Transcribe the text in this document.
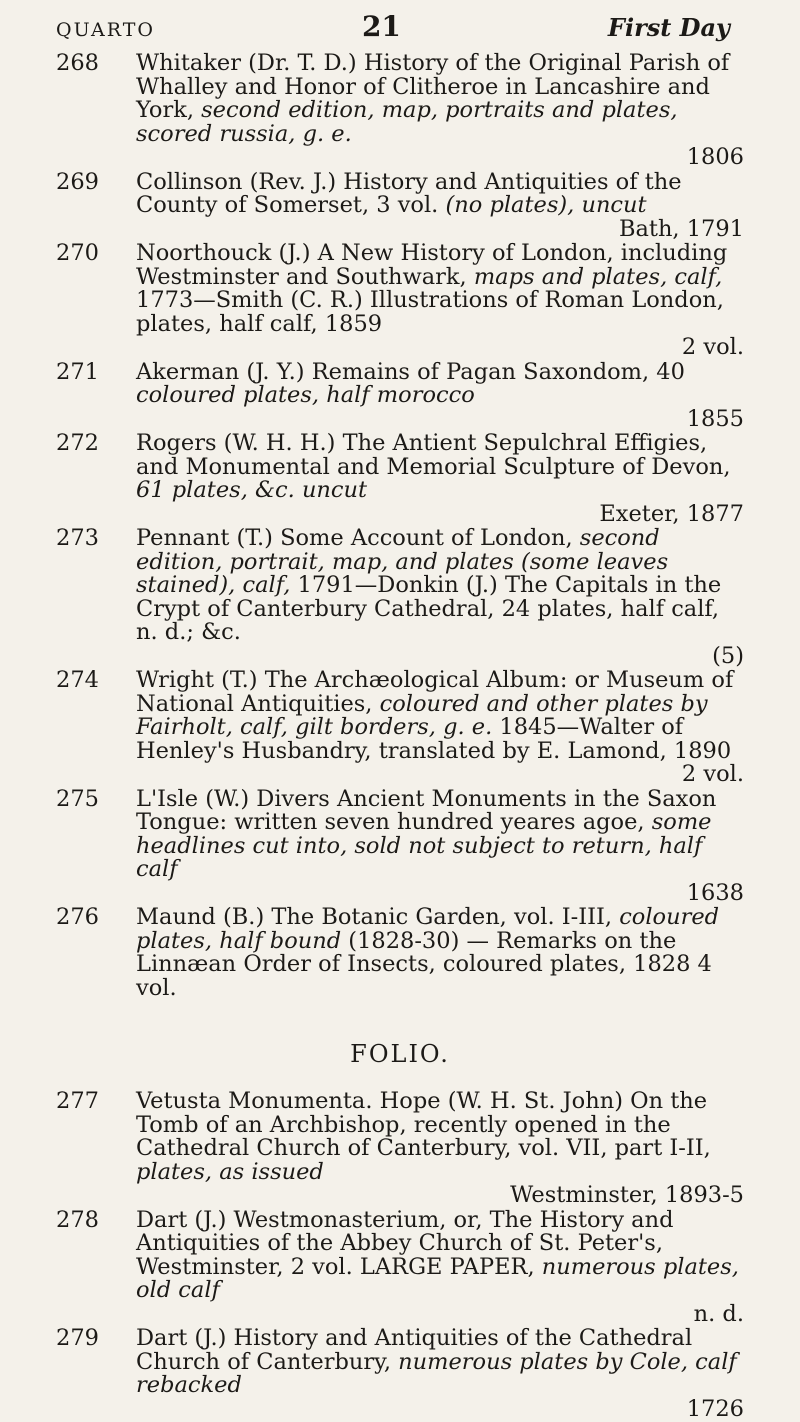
QUARTO	21	First Day
268	Whitaker (Dr. T. D.) History of the Original Parish of Whalley and Honor of Clitheroe in Lancashire and York, second edition, map, portraits and plates, scored russia, g. e.
1806
269	Collinson (Rev. J.) History and Antiquities of the County of Somerset, 3 vol. (no plates), uncut
Bath, 1791
270	Noorthouck (J.) A New History of London, including Westminster and Southwark, maps and plates, calf, 1773—Smith (C. R.) Illustrations of Roman London, plates, half calf, 1859
2 vol.
271	Akerman (J. Y.) Remains of Pagan Saxondom, 40 coloured plates, half morocco
1855
272	Rogers (W. H. H.) The Antient Sepulchral Effigies, and Monumental and Memorial Sculpture of Devon, 61 plates, &c. uncut
Exeter, 1877
273	Pennant (T.) Some Account of London, second edition, portrait, map, and plates (some leaves stained), calf, 1791—Donkin (J.) The Capitals in the Crypt of Canterbury Cathedral, 24 plates, half calf, n. d.; &c.
(5)
274	Wright (T.) The Archæological Album: or Museum of National Antiquities, coloured and other plates by Fairholt, calf, gilt borders, g. e. 1845—Walter of Henley's Husbandry, translated by E. Lamond, 1890
2 vol.
275	L'Isle (W.) Divers Ancient Monuments in the Saxon Tongue: written seven hundred yeares agoe, some headlines cut into, sold not subject to return, half calf
1638
276	Maund (B.) The Botanic Garden, vol. I-III, coloured plates, half bound (1828-30) — Remarks on the Linnæan Order of Insects, coloured plates, 1828 4 vol.
FOLIO.
277	Vetusta Monumenta. Hope (W. H. St. John) On the Tomb of an Archbishop, recently opened in the Cathedral Church of Canterbury, vol. VII, part I-II, plates, as issued
Westminster, 1893-5
278	Dart (J.) Westmonasterium, or, The History and Antiquities of the Abbey Church of St. Peter's, Westminster, 2 vol. LARGE PAPER, numerous plates, old calf
n. d.
279	Dart (J.) History and Antiquities of the Cathedral Church of Canterbury, numerous plates by Cole, calf rebacked
1726
